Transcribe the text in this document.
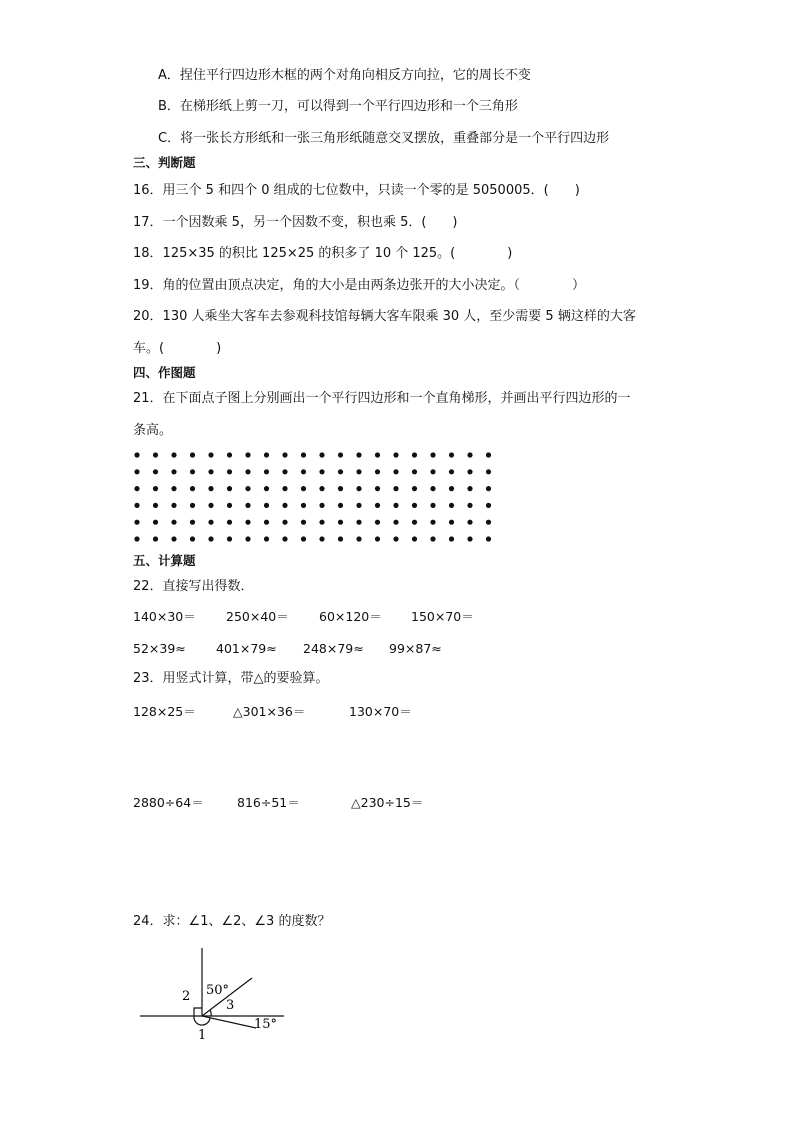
A．捏住平行四边形木框的两个对角向相反方向拉，它的周长不变
B．在梯形纸上剪一刀，可以得到一个平行四边形和一个三角形
C．将一张长方形纸和一张三角形纸随意交叉摆放，重叠部分是一个平行四边形
三、判断题
16．用三个 5 和四个 0 组成的七位数中，只读一个零的是 5050005．(　　)
17．一个因数乘 5，另一个因数不变，积也乘 5．(　　)
18．125×35 的积比 125×25 的积多了 10 个 125。(　　　　)
19．角的位置由顶点决定，角的大小是由两条边张开的大小决定。（　　　　）
20．130 人乘坐大客车去参观科技馆每辆大客车限乘 30 人，至少需要 5 辆这样的大客
车。(　　　　)
四、作图题
21．在下面点子图上分别画出一个平行四边形和一个直角梯形，并画出平行四边形的一
条高。
五、计算题
22．直接写出得数．
140×30＝ 250×40＝ 60×120＝ 150×70＝
52×39≈ 401×79≈ 248×79≈ 99×87≈
23．用竖式计算，带△的要验算。
128×25＝	△301×36＝	130×70＝
2880÷64＝	816÷51＝	△230÷15＝
24．求：∠1、∠2、∠3 的度数？
2 50°
3
15°
1
